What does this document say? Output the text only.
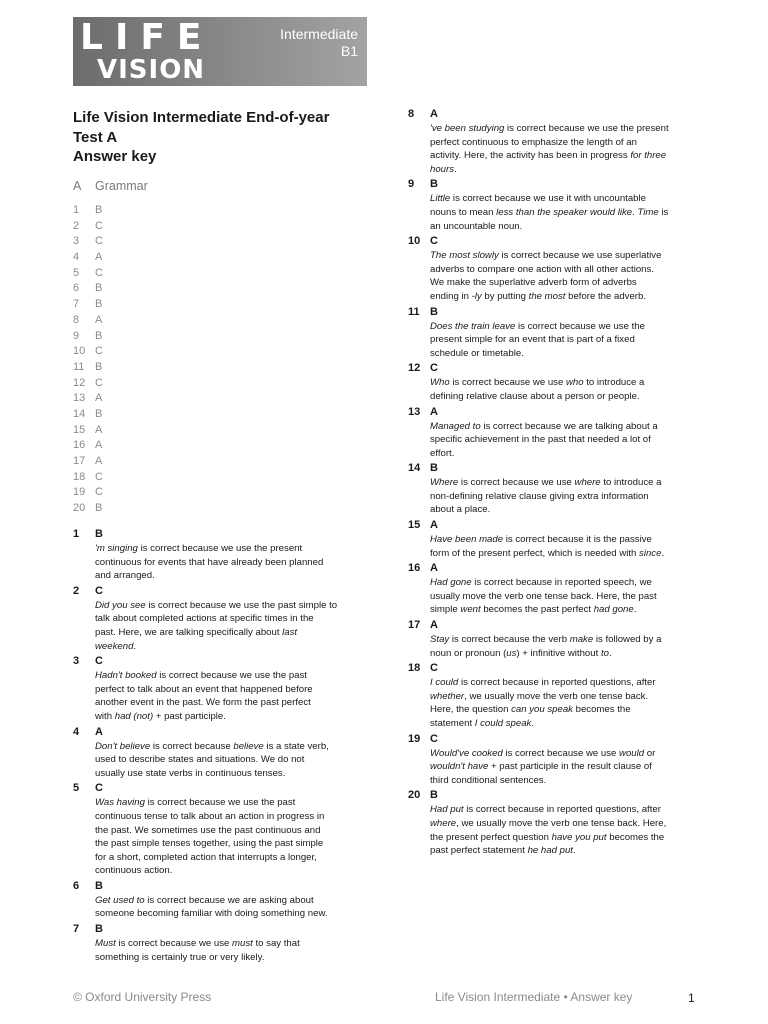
LIFE
VISION
Intermediate
B1
Life Vision Intermediate End-of-year
Test A
Answer key
A Grammar
1 B
2 C
3 C
4 A
5 C
6 B
7 B
8 A
9 B
10 C
11 B
12 C
13 A
14 B
15 A
16 A
17 A
18 C
19 C
20 B
1 B
'm singing is correct because we use the present
continuous for events that have already been planned
and arranged.
2 C
Did you see is correct because we use the past simple to
talk about completed actions at specific times in the
past. Here, we are talking specifically about last
weekend.
3 C
Hadn't booked is correct because we use the past
perfect to talk about an event that happened before
another event in the past. We form the past perfect
with had (not) + past participle.
4 A
Don't believe is correct because believe is a state verb,
used to describe states and situations. We do not
usually use state verbs in continuous tenses.
5 C
Was having is correct because we use the past
continuous tense to talk about an action in progress in
the past. We sometimes use the past continuous and
the past simple tenses together, using the past simple
for a short, completed action that interrupts a longer,
continuous action.
6 B
Get used to is correct because we are asking about
someone becoming familiar with doing something new.
7 B
Must is correct because we use must to say that
something is certainly true or very likely.
8 A
've been studying is correct because we use the present
perfect continuous to emphasize the length of an
activity. Here, the activity has been in progress for three
hours.
9 B
Little is correct because we use it with uncountable
nouns to mean less than the speaker would like. Time is
an uncountable noun.
10 C
The most slowly is correct because we use superlative
adverbs to compare one action with all other actions.
We make the superlative adverb form of adverbs
ending in -ly by putting the most before the adverb.
11 B
Does the train leave is correct because we use the
present simple for an event that is part of a fixed
schedule or timetable.
12 C
Who is correct because we use who to introduce a
defining relative clause about a person or people.
13 A
Managed to is correct because we are talking about a
specific achievement in the past that needed a lot of
effort.
14 B
Where is correct because we use where to introduce a
non-defining relative clause giving extra information
about a place.
15 A
Have been made is correct because it is the passive
form of the present perfect, which is needed with since.
16 A
Had gone is correct because in reported speech, we
usually move the verb one tense back. Here, the past
simple went becomes the past perfect had gone.
17 A
Stay is correct because the verb make is followed by a
noun or pronoun (us) + infinitive without to.
18 C
I could is correct because in reported questions, after
whether, we usually move the verb one tense back.
Here, the question can you speak becomes the
statement I could speak.
19 C
Would've cooked is correct because we use would or
wouldn't have + past participle in the result clause of
third conditional sentences.
20 B
Had put is correct because in reported questions, after
where, we usually move the verb one tense back. Here,
the present perfect question have you put becomes the
past perfect statement he had put.
© Oxford University Press	Life Vision Intermediate • Answer key	1
